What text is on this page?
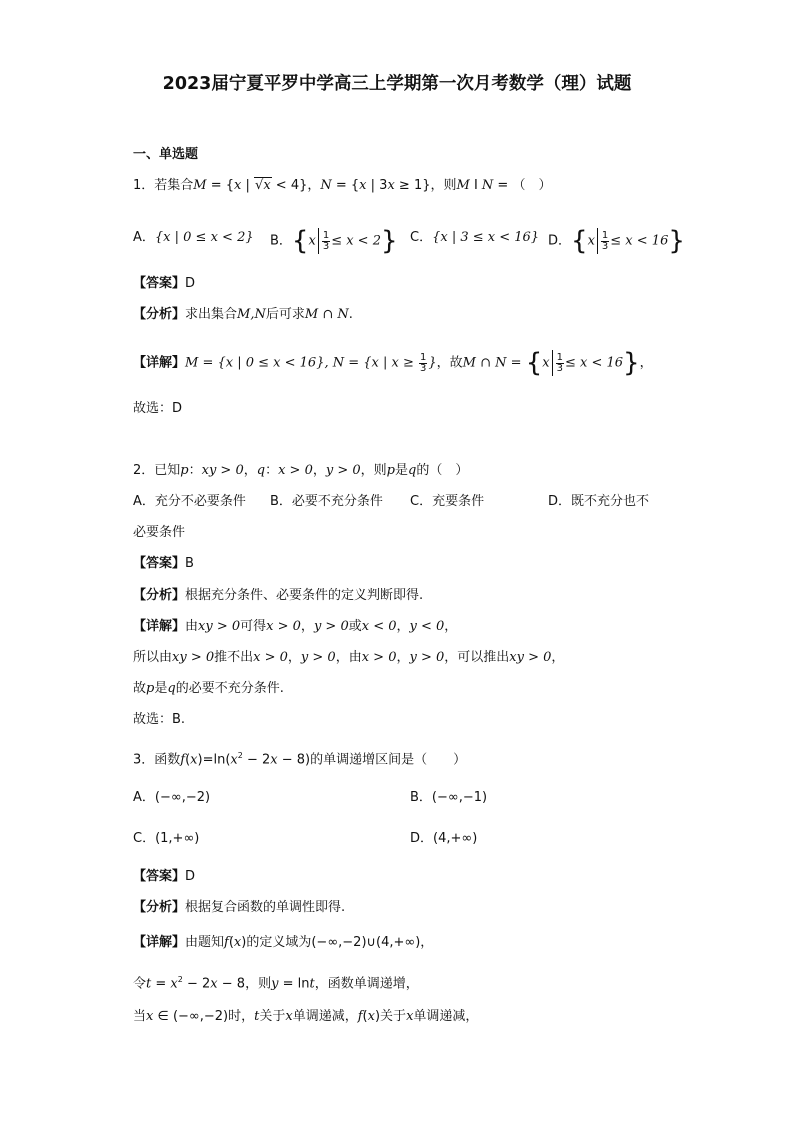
2023届宁夏平罗中学高三上学期第一次月考数学（理）试题
一、单选题
1．若集合M = {x | √x < 4}，N = {x | 3x ≥ 1}，则M I N = （　）
A．{x | 0 ≤ x < 2} B．$\{x \frac{1}{3} \le x < 2\}$ C．{x | 3 ≤ x < 16} D．$\{x \frac{1}{3} \le x < 16\}$
【答案】D
【分析】求出集合M,N后可求M ∩ N.
【详解】M = {x | 0 ≤ x < 16}, N = {x | $x \ge \frac{1}{3}$ }，故M ∩ $N = \{x \frac{1}{3} \le x < 16\}$，
故选：D
2．已知p：xy > 0，q：x > 0，y > 0，则p是q的（　）
A．充分不必要条件 B．必要不充分条件 C．充要条件	D．既不充分也不
必要条件
【答案】B
【分析】根据充分条件、必要条件的定义判断即得.
【详解】由xy > 0可得x > 0，y > 0或x < 0，y < 0，
所以由xy > 0推不出x > 0，y > 0，由x > 0，y > 0，可以推出xy > 0，
故p是q的必要不充分条件.
故选：B.
3．函数$f(x)=\ln(x^2 - 2x - 8)$的单调递增区间是（　　）
A．(−∞,−2)	B．(−∞,−1)
C．(1,+∞)	D．(4,+∞)
【答案】D
【分析】根据复合函数的单调性即得.
【详解】由题知f(x)的定义域为(−∞,−2)∪(4,+∞)，
令$t = x^2 - 2x - 8$，则y = lnt，函数单调递增，
当x ∈ (−∞,−2)时，t关于x单调递减，f(x)关于x单调递减，
